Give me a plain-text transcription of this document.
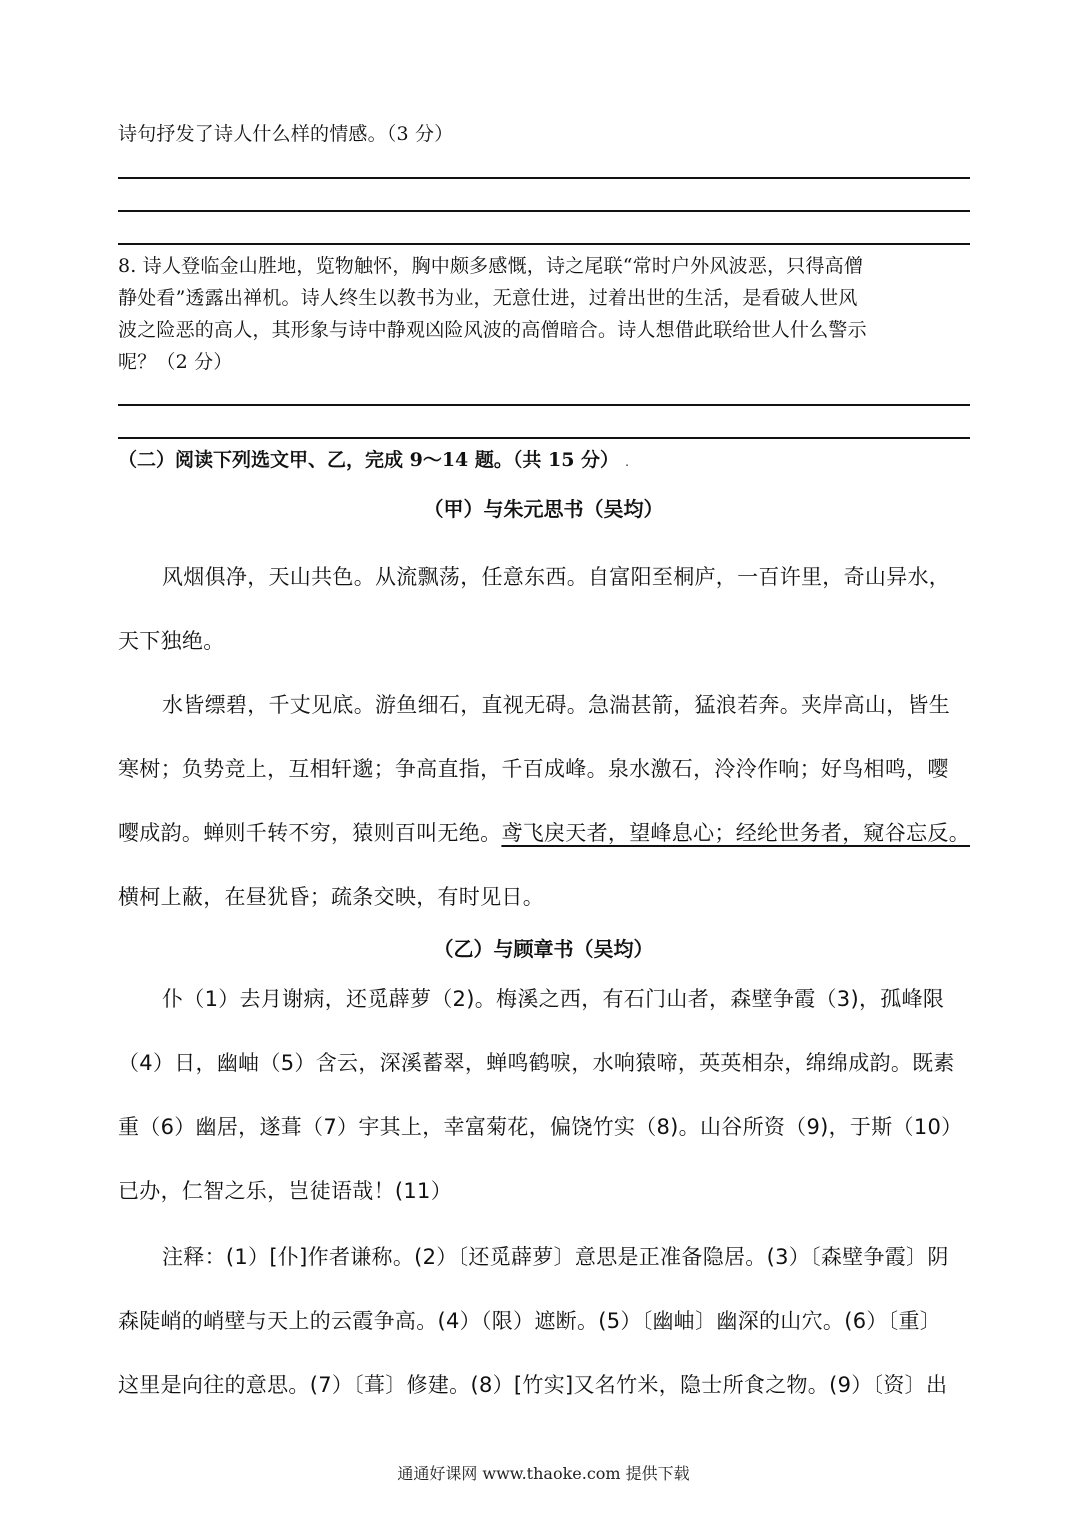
诗句抒发了诗人什么样的情感。（3 分）
8. 诗人登临金山胜地，览物触怀，胸中颇多感慨，诗之尾联“常时户外风波恶，只得高僧
静处看”透露出禅机。诗人终生以教书为业，无意仕进，过着出世的生活，是看破人世风
波之险恶的高人，其形象与诗中静观凶险风波的高僧暗合。诗人想借此联给世人什么警示
呢？（2 分）
（二）阅读下列选文甲、乙，完成 9～14 题。（共 15 分） .
（甲）与朱元思书（吴均）
风烟俱净，天山共色。从流飘荡，任意东西。自富阳至桐庐，一百许里，奇山异水，
天下独绝。
水皆缥碧，千丈见底。游鱼细石，直视无碍。急湍甚箭，猛浪若奔。夹岸高山，皆生
寒树；负势竞上，互相轩邈；争高直指，千百成峰。泉水激石，泠泠作响；好鸟相鸣，嘤
嘤成韵。蝉则千转不穷，猿则百叫无绝。鸢飞戾天者，望峰息心；经纶世务者，窥谷忘反。
横柯上蔽，在昼犹昏；疏条交映，有时见日。
（乙）与顾章书（吴均）
仆（1）去月谢病，还觅薜萝（2)。梅溪之西，有石门山者，森壁争霞（3)，孤峰限
（4）日，幽岫（5）含云，深溪蓄翠，蝉鸣鹤唳，水响猿啼，英英相杂，绵绵成韵。既素
重（6）幽居，遂葺（7）宇其上，幸富菊花，偏饶竹实（8)。山谷所资（9)，于斯（10）
已办，仁智之乐，岂徒语哉！(11）
注释：(1）[仆]作者谦称。(2）〔还觅薜萝〕意思是正准备隐居。(3）〔森壁争霞〕阴
森陡峭的峭壁与天上的云霞争高。(4）（限）遮断。(5）〔幽岫〕幽深的山穴。(6）〔重〕
这里是向往的意思。(7）〔葺〕修建。(8）[竹实]又名竹米，隐士所食之物。(9）〔资〕出
通通好课网 www.thaoke.com 提供下载
